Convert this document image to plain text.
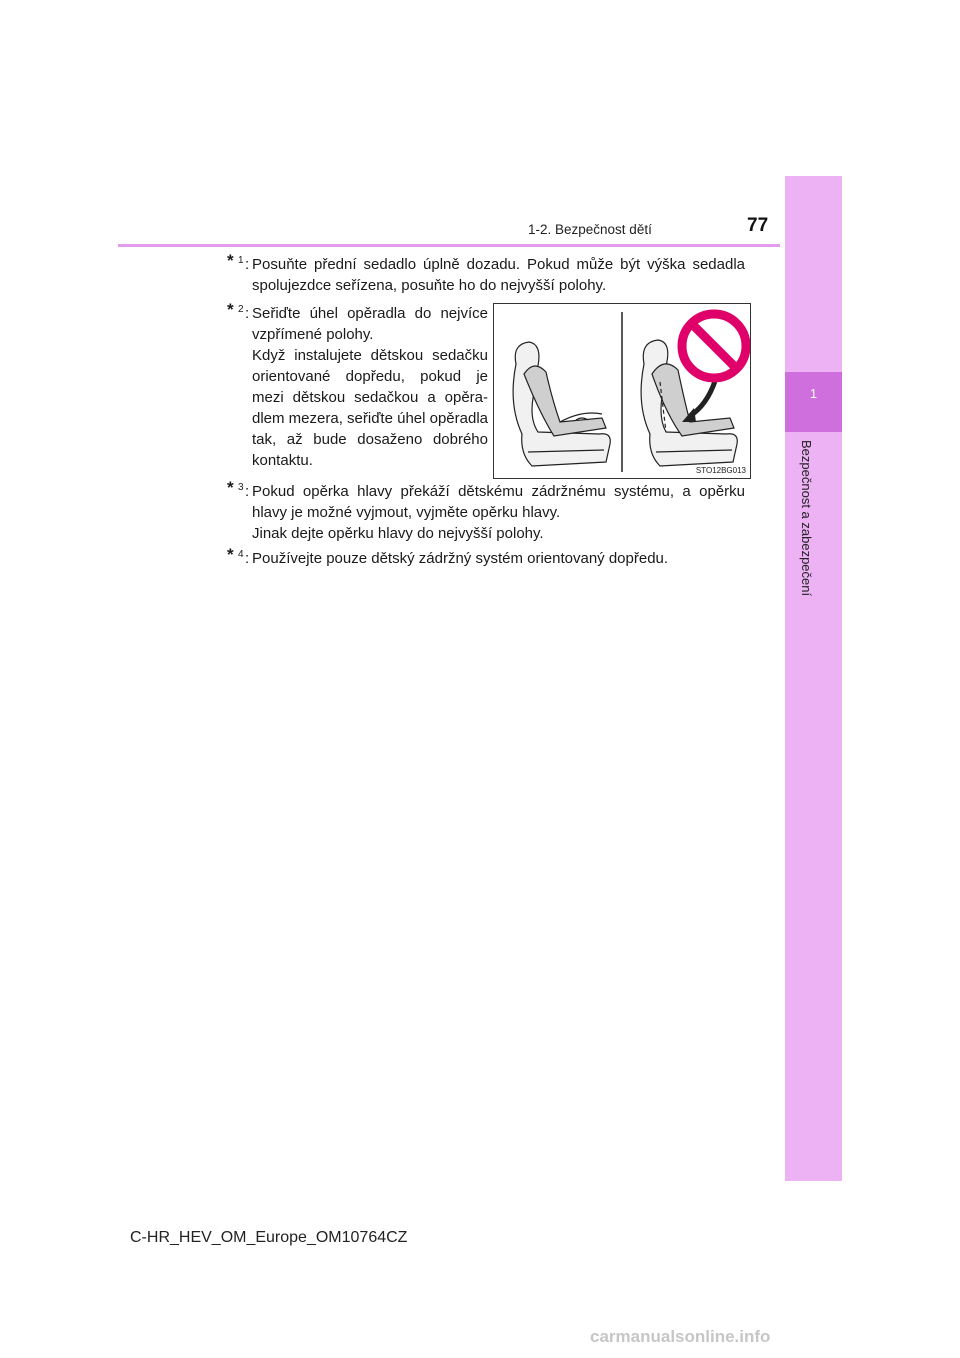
1
Bezpečnost a zabezpečení
1-2. Bezpečnost dětí	77
* 1 : Posuňte přední sedadlo úplně dozadu. Pokud může být výška sedadla spolujezdce seřízena, posuňte ho do nejvyšší polohy.

* 2 : Seřiďte úhel opěradla do nejvíce vzpřímené polohy.

Když instalujete dětskou sedačku orientované dopředu, pokud je mezi dětskou sedačkou a opěra-dlem mezera, seřiďte úhel opěradla tak, až bude dosaženo dobrého kontaktu.

STO12BG013
* 3 : Pokud opěrka hlavy překáží dětskému zádržnému systému, a opěrku hlavy je možné vyjmout, vyjměte opěrku hlavy.

Jinak dejte opěrku hlavy do nejvyšší polohy.

* 4 : Používejte pouze dětský zádržný systém orientovaný dopředu.

C-HR_HEV_OM_Europe_OM10764CZ
carmanualsonline.info
